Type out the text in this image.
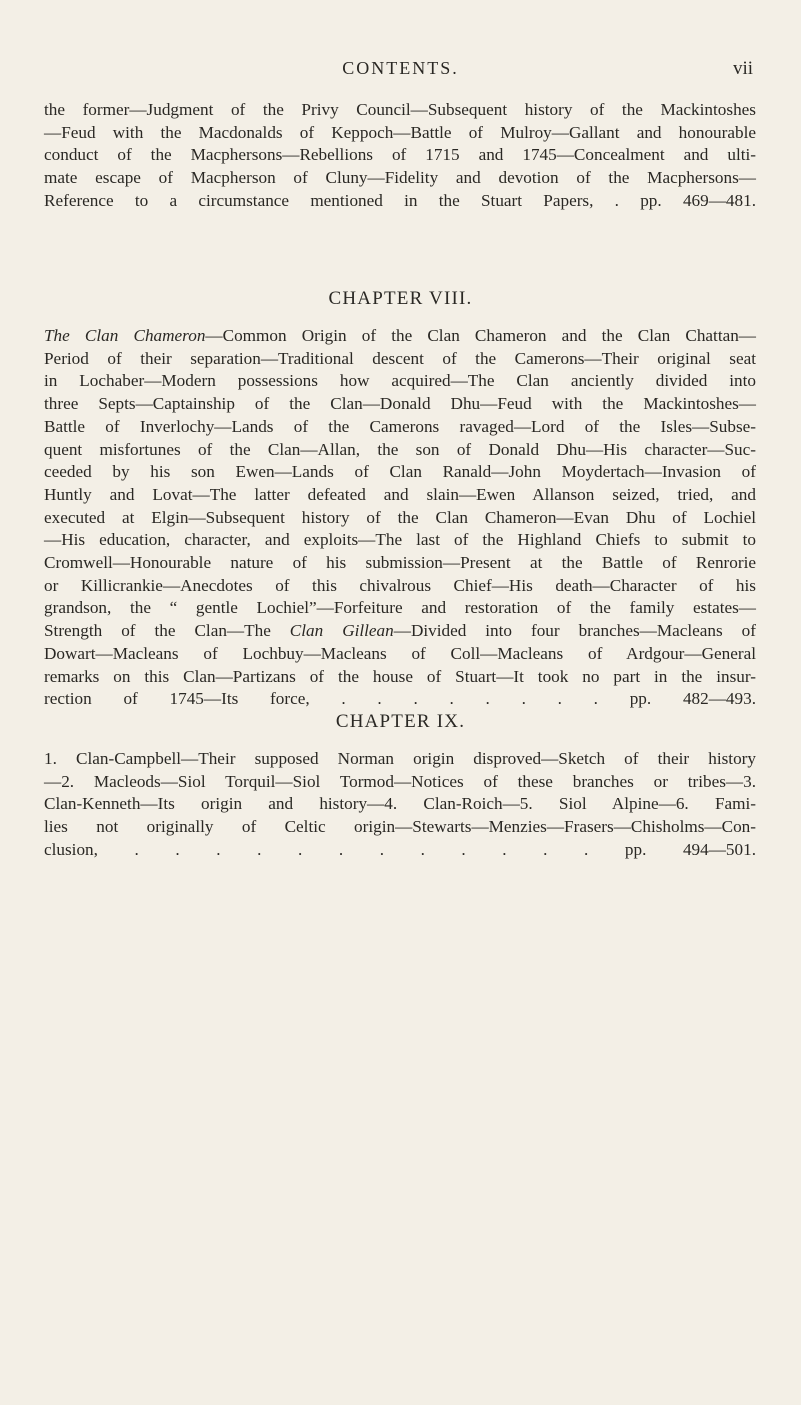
CONTENTS.	vii
the former—Judgment of the Privy Council—Subsequent history of the Mackintoshes
—Feud with the Macdonalds of Keppoch—Battle of Mulroy—Gallant and honourable
conduct of the Macphersons—Rebellions of 1715 and 1745—Concealment and ulti-
mate escape of Macpherson of Cluny—Fidelity and devotion of the Macphersons—
Reference to a circumstance mentioned in the Stuart Papers, . pp. 469—481.
CHAPTER VIII.
The Clan Chameron—Common Origin of the Clan Chameron and the Clan Chattan—
Period of their separation—Traditional descent of the Camerons—Their original seat
in Lochaber—Modern possessions how acquired—The Clan anciently divided into
three Septs—Captainship of the Clan—Donald Dhu—Feud with the Mackintoshes—
Battle of Inverlochy—Lands of the Camerons ravaged—Lord of the Isles—Subse-
quent misfortunes of the Clan—Allan, the son of Donald Dhu—His character—Suc-
ceeded by his son Ewen—Lands of Clan Ranald—John Moydertach—Invasion of
Huntly and Lovat—The latter defeated and slain—Ewen Allanson seized, tried, and
executed at Elgin—Subsequent history of the Clan Chameron—Evan Dhu of Lochiel
—His education, character, and exploits—The last of the Highland Chiefs to submit to
Cromwell—Honourable nature of his submission—Present at the Battle of Renrorie
or Killicrankie—Anecdotes of this chivalrous Chief—His death—Character of his
grandson, the “ gentle Lochiel”—Forfeiture and restoration of the family estates—
Strength of the Clan—The Clan Gillean—Divided into four branches—Macleans of
Dowart—Macleans of Lochbuy—Macleans of Coll—Macleans of Ardgour—General
remarks on this Clan—Partizans of the house of Stuart—It took no part in the insur-
rection of 1745—Its force, . . . . . . . . pp. 482—493.
CHAPTER IX.
1. Clan-Campbell—Their supposed Norman origin disproved—Sketch of their history
—2. Macleods—Siol Torquil—Siol Tormod—Notices of these branches or tribes—3.
Clan-Kenneth—Its origin and history—4. Clan-Roich—5. Siol Alpine—6. Fami-
lies not originally of Celtic origin—Stewarts—Menzies—Frasers—Chisholms—Con-
clusion, . . . . . . . . . . . . pp. 494—501.
